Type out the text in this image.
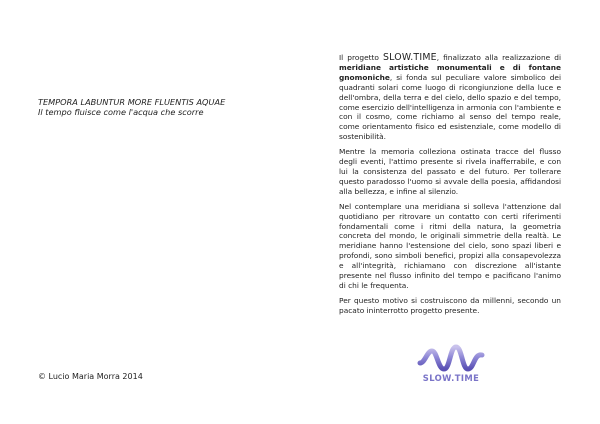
TEMPORA LABUNTUR MORE FLUENTIS AQUAE
Il tempo fluisce come l'acqua che scorre
© Lucio Maria Morra 2014

Il progetto SLOW.TIME, finalizzato alla realizzazione di meridiane artistiche monumentali e di fontane gnomoniche, si fonda sul peculiare valore simbolico dei quadranti solari come luogo di ricongiunzione della luce e dell'ombra, della terra e del cielo, dello spazio e del tempo, come esercizio dell'intelligenza in armonia con l'ambiente e con il cosmo, come richiamo al senso del tempo reale, come orientamento fisico ed esistenziale, come modello di sostenibilità.

Mentre la memoria colleziona ostinata tracce del flusso degli eventi, l'attimo presente si rivela inafferrabile, e con lui la consistenza del passato e del futuro. Per tollerare questo paradosso l'uomo si avvale della poesia, affidandosi alla bellezza, e infine al silenzio.

Nel contemplare una meridiana si solleva l'attenzione dal quotidiano per ritrovare un contatto con certi riferimenti fondamentali come i ritmi della natura, la geometria concreta del mondo, le originali simmetrie della realtà. Le meridiane hanno l'estensione del cielo, sono spazi liberi e profondi, sono simboli benefici, propizi alla consapevolezza e all'integrità, richiamano con discrezione all'istante presente nel flusso infinito del tempo e pacificano l'animo di chi le frequenta.

Per questo motivo si costruiscono da millenni, secondo un pacato ininterrotto progetto presente.

SLOW.TIME
